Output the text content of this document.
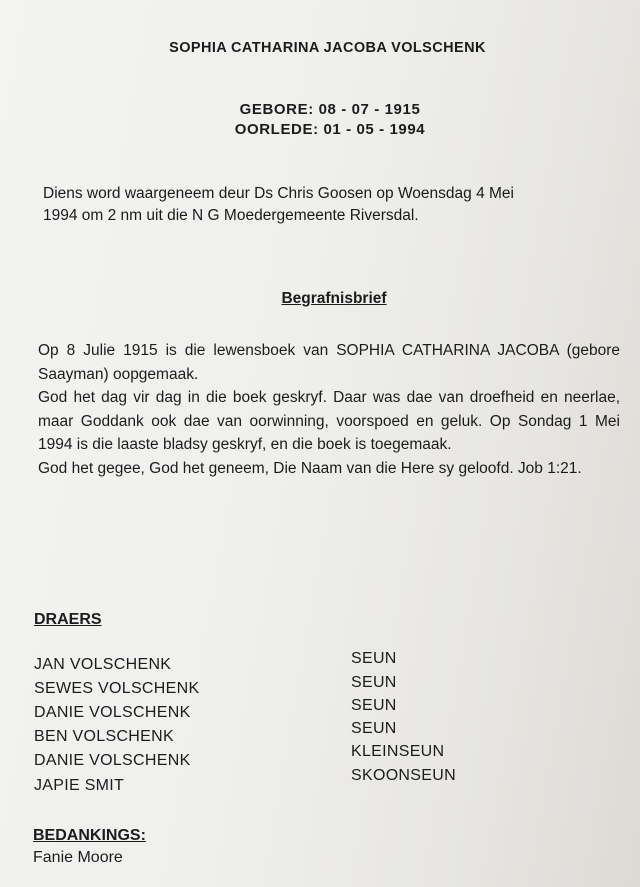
SOPHIA CATHARINA JACOBA VOLSCHENK
GEBORE: 08 - 07 - 1915
OORLEDE: 01 - 05 - 1994
Diens word waargeneem deur Ds Chris Goosen op Woensdag 4 Mei
1994 om 2 nm uit die N G Moedergemeente Riversdal.
Begrafnisbrief

Op 8 Julie 1915 is die lewensboek van SOPHIA CATHARINA JACOBA (gebore Saayman) oopgemaak.

God het dag vir dag in die boek geskryf. Daar was dae van droefheid en neerlae, maar Goddank ook dae van oorwinning, voorspoed en geluk. Op Sondag 1 Mei 1994 is die laaste bladsy geskryf, en die boek is toegemaak.

God het gegee, God het geneem, Die Naam van die Here sy geloofd. Job 1:21.

DRAERS
JAN VOLSCHENK
SEWES VOLSCHENK
DANIE VOLSCHENK
BEN VOLSCHENK
DANIE VOLSCHENK
JAPIE SMIT
SEUN
SEUN
SEUN
SEUN
KLEINSEUN
SKOONSEUN
BEDANKINGS:
Fanie Moore
